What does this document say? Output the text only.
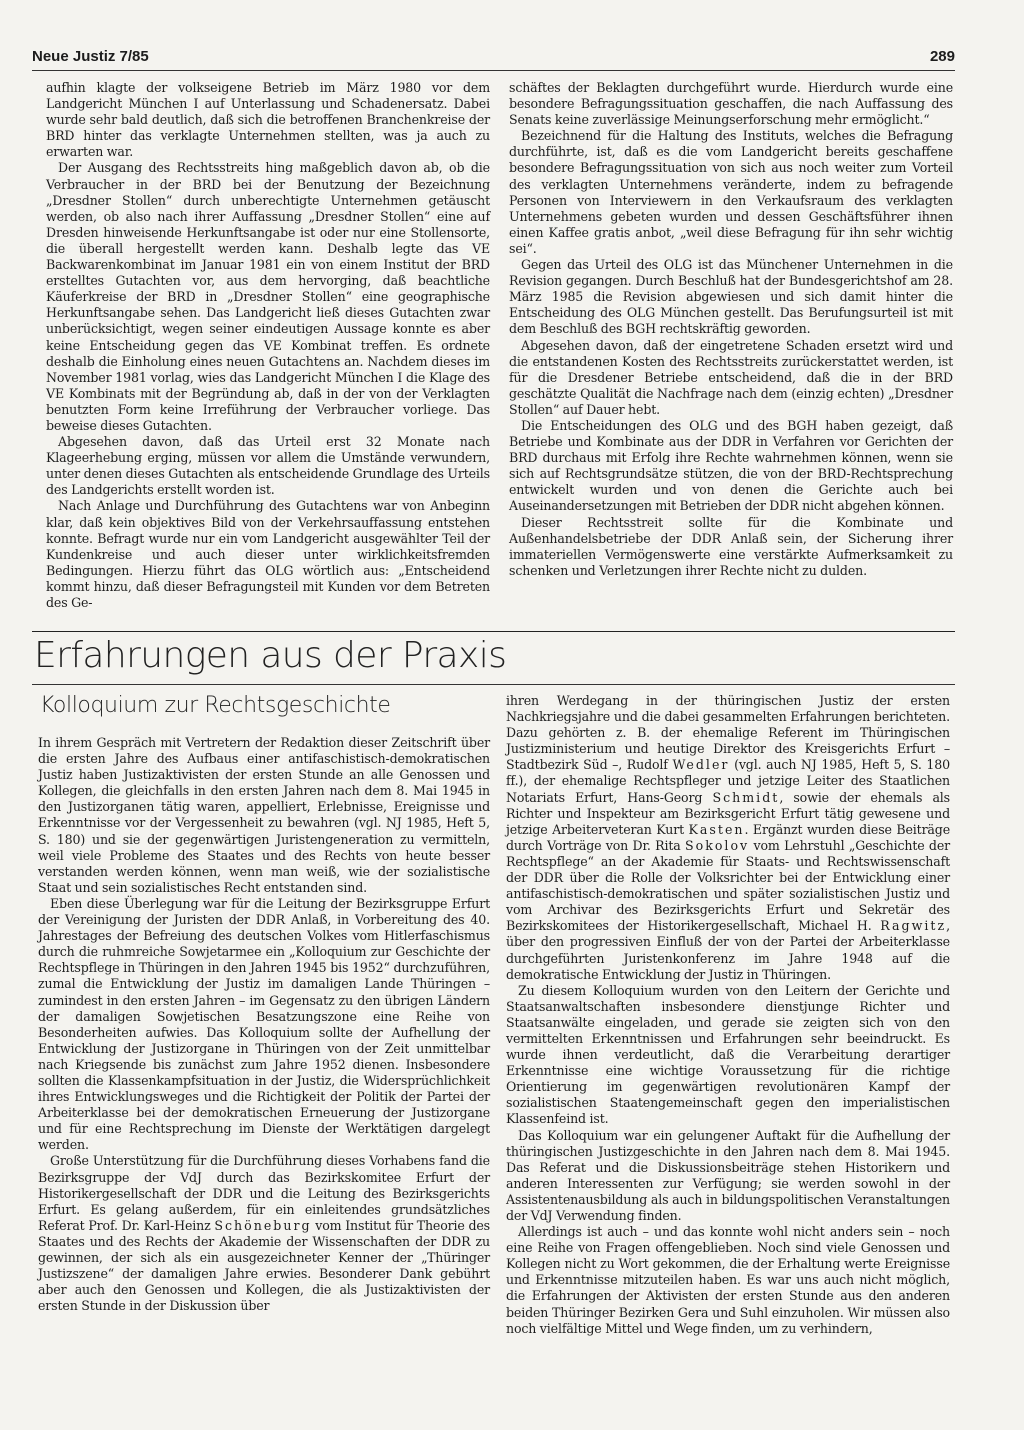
Neue Justiz 7/85	289

aufhin klagte der volkseigene Betrieb im März 1980 vor dem Landgericht München I auf Unterlassung und Schadenersatz. Dabei wurde sehr bald deutlich, daß sich die betroffenen Branchenkreise der BRD hinter das verklagte Unternehmen stellten, was ja auch zu erwarten war.

Der Ausgang des Rechtsstreits hing maßgeblich davon ab, ob die Verbraucher in der BRD bei der Benutzung der Bezeichnung „Dresdner Stollen“ durch unberechtigte Unternehmen getäuscht werden, ob also nach ihrer Auffassung „Dresdner Stollen“ eine auf Dresden hinweisende Herkunftsangabe ist oder nur eine Stollensorte, die überall hergestellt werden kann. Deshalb legte das VE Backwarenkombinat im Januar 1981 ein von einem Institut der BRD erstelltes Gutachten vor, aus dem hervorging, daß beachtliche Käuferkreise der BRD in „Dresdner Stollen“ eine geographische Herkunftsangabe sehen. Das Landgericht ließ dieses Gutachten zwar unberücksichtigt, wegen seiner eindeutigen Aussage konnte es aber keine Entscheidung gegen das VE Kombinat treffen. Es ordnete deshalb die Einholung eines neuen Gutachtens an. Nachdem dieses im November 1981 vorlag, wies das Landgericht München I die Klage des VE Kombinats mit der Begründung ab, daß in der von der Verklagten benutzten Form keine Irreführung der Verbraucher vorliege. Das beweise dieses Gutachten.

Abgesehen davon, daß das Urteil erst 32 Monate nach Klageerhebung erging, müssen vor allem die Umstände verwundern, unter denen dieses Gutachten als entscheidende Grundlage des Urteils des Landgerichts erstellt worden ist.

Nach Anlage und Durchführung des Gutachtens war von Anbeginn klar, daß kein objektives Bild von der Verkehrsauffassung entstehen konnte. Befragt wurde nur ein vom Landgericht ausgewählter Teil der Kundenkreise und auch dieser unter wirklichkeitsfremden Bedingungen. Hierzu führt das OLG wörtlich aus: „Entscheidend kommt hinzu, daß dieser Befragungsteil mit Kunden vor dem Betreten des Ge-

schäftes der Beklagten durchgeführt wurde. Hierdurch wurde eine besondere Befragungssituation geschaffen, die nach Auffassung des Senats keine zuverlässige Meinungserforschung mehr ermöglicht.“

Bezeichnend für die Haltung des Instituts, welches die Befragung durchführte, ist, daß es die vom Landgericht bereits geschaffene besondere Befragungssituation von sich aus noch weiter zum Vorteil des verklagten Unternehmens veränderte, indem zu befragende Personen von Interviewern in den Verkaufsraum des verklagten Unternehmens gebeten wurden und dessen Geschäftsführer ihnen einen Kaffee gratis anbot, „weil diese Befragung für ihn sehr wichtig sei“.

Gegen das Urteil des OLG ist das Münchener Unternehmen in die Revision gegangen. Durch Beschluß hat der Bundesgerichtshof am 28. März 1985 die Revision abgewiesen und sich damit hinter die Entscheidung des OLG München gestellt. Das Berufungsurteil ist mit dem Beschluß des BGH rechtskräftig geworden.

Abgesehen davon, daß der eingetretene Schaden ersetzt wird und die entstandenen Kosten des Rechtsstreits zurückerstattet werden, ist für die Dresdener Betriebe entscheidend, daß die in der BRD geschätzte Qualität die Nachfrage nach dem (einzig echten) „Dresdner Stollen“ auf Dauer hebt.

Die Entscheidungen des OLG und des BGH haben gezeigt, daß Betriebe und Kombinate aus der DDR in Verfahren vor Gerichten der BRD durchaus mit Erfolg ihre Rechte wahrnehmen können, wenn sie sich auf Rechtsgrundsätze stützen, die von der BRD-Rechtsprechung entwickelt wurden und von denen die Gerichte auch bei Auseinandersetzungen mit Betrieben der DDR nicht abgehen können.

Dieser Rechtsstreit sollte für die Kombinate und Außenhandelsbetriebe der DDR Anlaß sein, der Sicherung ihrer immateriellen Vermögenswerte eine verstärkte Aufmerksamkeit zu schenken und Verletzungen ihrer Rechte nicht zu dulden.

Erfahrungen aus der Praxis
Kolloquium zur Rechtsgeschichte

In ihrem Gespräch mit Vertretern der Redaktion dieser Zeitschrift über die ersten Jahre des Aufbaus einer antifaschistisch-demokratischen Justiz haben Justizaktivisten der ersten Stunde an alle Genossen und Kollegen, die gleichfalls in den ersten Jahren nach dem 8. Mai 1945 in den Justizorganen tätig waren, appelliert, Erlebnisse, Ereignisse und Erkenntnisse vor der Vergessenheit zu bewahren (vgl. NJ 1985, Heft 5, S. 180) und sie der gegenwärtigen Juristengeneration zu vermitteln, weil viele Probleme des Staates und des Rechts von heute besser verstanden werden können, wenn man weiß, wie der sozialistische Staat und sein sozialistisches Recht entstanden sind.

Eben diese Überlegung war für die Leitung der Bezirksgruppe Erfurt der Vereinigung der Juristen der DDR Anlaß, in Vorbereitung des 40. Jahrestages der Befreiung des deutschen Volkes vom Hitlerfaschismus durch die ruhmreiche Sowjetarmee ein „Kolloquium zur Geschichte der Rechtspflege in Thüringen in den Jahren 1945 bis 1952“ durchzuführen, zumal die Entwicklung der Justiz im damaligen Lande Thüringen – zumindest in den ersten Jahren – im Gegensatz zu den übrigen Ländern der damaligen Sowjetischen Besatzungszone eine Reihe von Besonderheiten aufwies. Das Kolloquium sollte der Aufhellung der Entwicklung der Justizorgane in Thüringen von der Zeit unmittelbar nach Kriegsende bis zunächst zum Jahre 1952 dienen. Insbesondere sollten die Klassenkampfsituation in der Justiz, die Widersprüchlichkeit ihres Entwicklungsweges und die Richtigkeit der Politik der Partei der Arbeiterklasse bei der demokratischen Erneuerung der Justizorgane und für eine Rechtsprechung im Dienste der Werktätigen dargelegt werden.

Große Unterstützung für die Durchführung dieses Vorhabens fand die Bezirksgruppe der VdJ durch das Bezirkskomitee Erfurt der Historikergesellschaft der DDR und die Leitung des Bezirksgerichts Erfurt. Es gelang außerdem, für ein einleitendes grundsätzliches Referat Prof. Dr. Karl-Heinz Schöneburg vom Institut für Theorie des Staates und des Rechts der Akademie der Wissenschaften der DDR zu gewinnen, der sich als ein ausgezeichneter Kenner der „Thüringer Justizszene“ der damaligen Jahre erwies. Besonderer Dank gebührt aber auch den Genossen und Kollegen, die als Justizaktivisten der ersten Stunde in der Diskussion über

ihren Werdegang in der thüringischen Justiz der ersten Nachkriegsjahre und die dabei gesammelten Erfahrungen berichteten. Dazu gehörten z. B. der ehemalige Referent im Thüringischen Justizministerium und heutige Direktor des Kreisgerichts Erfurt – Stadtbezirk Süd –, Rudolf Wedler (vgl. auch NJ 1985, Heft 5, S. 180 ff.), der ehemalige Rechtspfleger und jetzige Leiter des Staatlichen Notariats Erfurt, Hans-Georg Schmidt, sowie der ehemals als Richter und Inspekteur am Bezirksgericht Erfurt tätig gewesene und jetzige Arbeiterveteran Kurt Kasten. Ergänzt wurden diese Beiträge durch Vorträge von Dr. Rita Sokolov vom Lehrstuhl „Geschichte der Rechtspflege“ an der Akademie für Staats- und Rechtswissenschaft der DDR über die Rolle der Volksrichter bei der Entwicklung einer antifaschistisch-demokratischen und später sozialistischen Justiz und vom Archivar des Bezirksgerichts Erfurt und Sekretär des Bezirkskomitees der Historikergesellschaft, Michael H. Ragwitz, über den progressiven Einfluß der von der Partei der Arbeiterklasse durchgeführten Juristenkonferenz im Jahre 1948 auf die demokratische Entwicklung der Justiz in Thüringen.

Zu diesem Kolloquium wurden von den Leitern der Gerichte und Staatsanwaltschaften insbesondere dienstjunge Richter und Staatsanwälte eingeladen, und gerade sie zeigten sich von den vermittelten Erkenntnissen und Erfahrungen sehr beeindruckt. Es wurde ihnen verdeutlicht, daß die Verarbeitung derartiger Erkenntnisse eine wichtige Voraussetzung für die richtige Orientierung im gegenwärtigen revolutionären Kampf der sozialistischen Staatengemeinschaft gegen den imperialistischen Klassenfeind ist.

Das Kolloquium war ein gelungener Auftakt für die Aufhellung der thüringischen Justizgeschichte in den Jahren nach dem 8. Mai 1945. Das Referat und die Diskussionsbeiträge stehen Historikern und anderen Interessenten zur Verfügung; sie werden sowohl in der Assistentenausbildung als auch in bildungspolitischen Veranstaltungen der VdJ Verwendung finden.

Allerdings ist auch – und das konnte wohl nicht anders sein – noch eine Reihe von Fragen offengeblieben. Noch sind viele Genossen und Kollegen nicht zu Wort gekommen, die der Erhaltung werte Ereignisse und Erkenntnisse mitzuteilen haben. Es war uns auch nicht möglich, die Erfahrungen der Aktivisten der ersten Stunde aus den anderen beiden Thüringer Bezirken Gera und Suhl einzuholen. Wir müssen also noch vielfältige Mittel und Wege finden, um zu verhindern,
